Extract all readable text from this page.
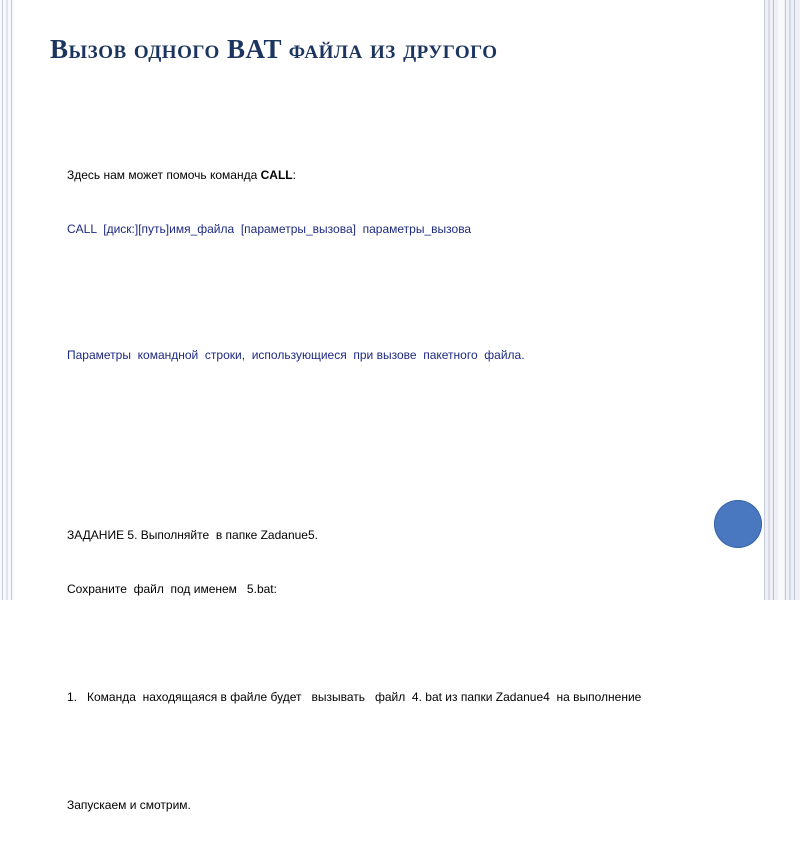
Вызов одного BAT файла из другого

Здесь нам может помочь команда CALL:

CALL  [диск:][путь]имя_файла  [параметры_вызова]  параметры_вызова

Параметры  командной  строки,  использующиеся  при вызове  пакетного  файла.

ЗАДАНИЕ 5. Выполняйте  в папке Zadanue5.

Сохраните  файл  под именем   5.bat:

1.   Команда  находящаяся в файле будет   вызывать   файл  4. bat из папки Zadanue4  на выполнение

Запускаем и смотрим.
